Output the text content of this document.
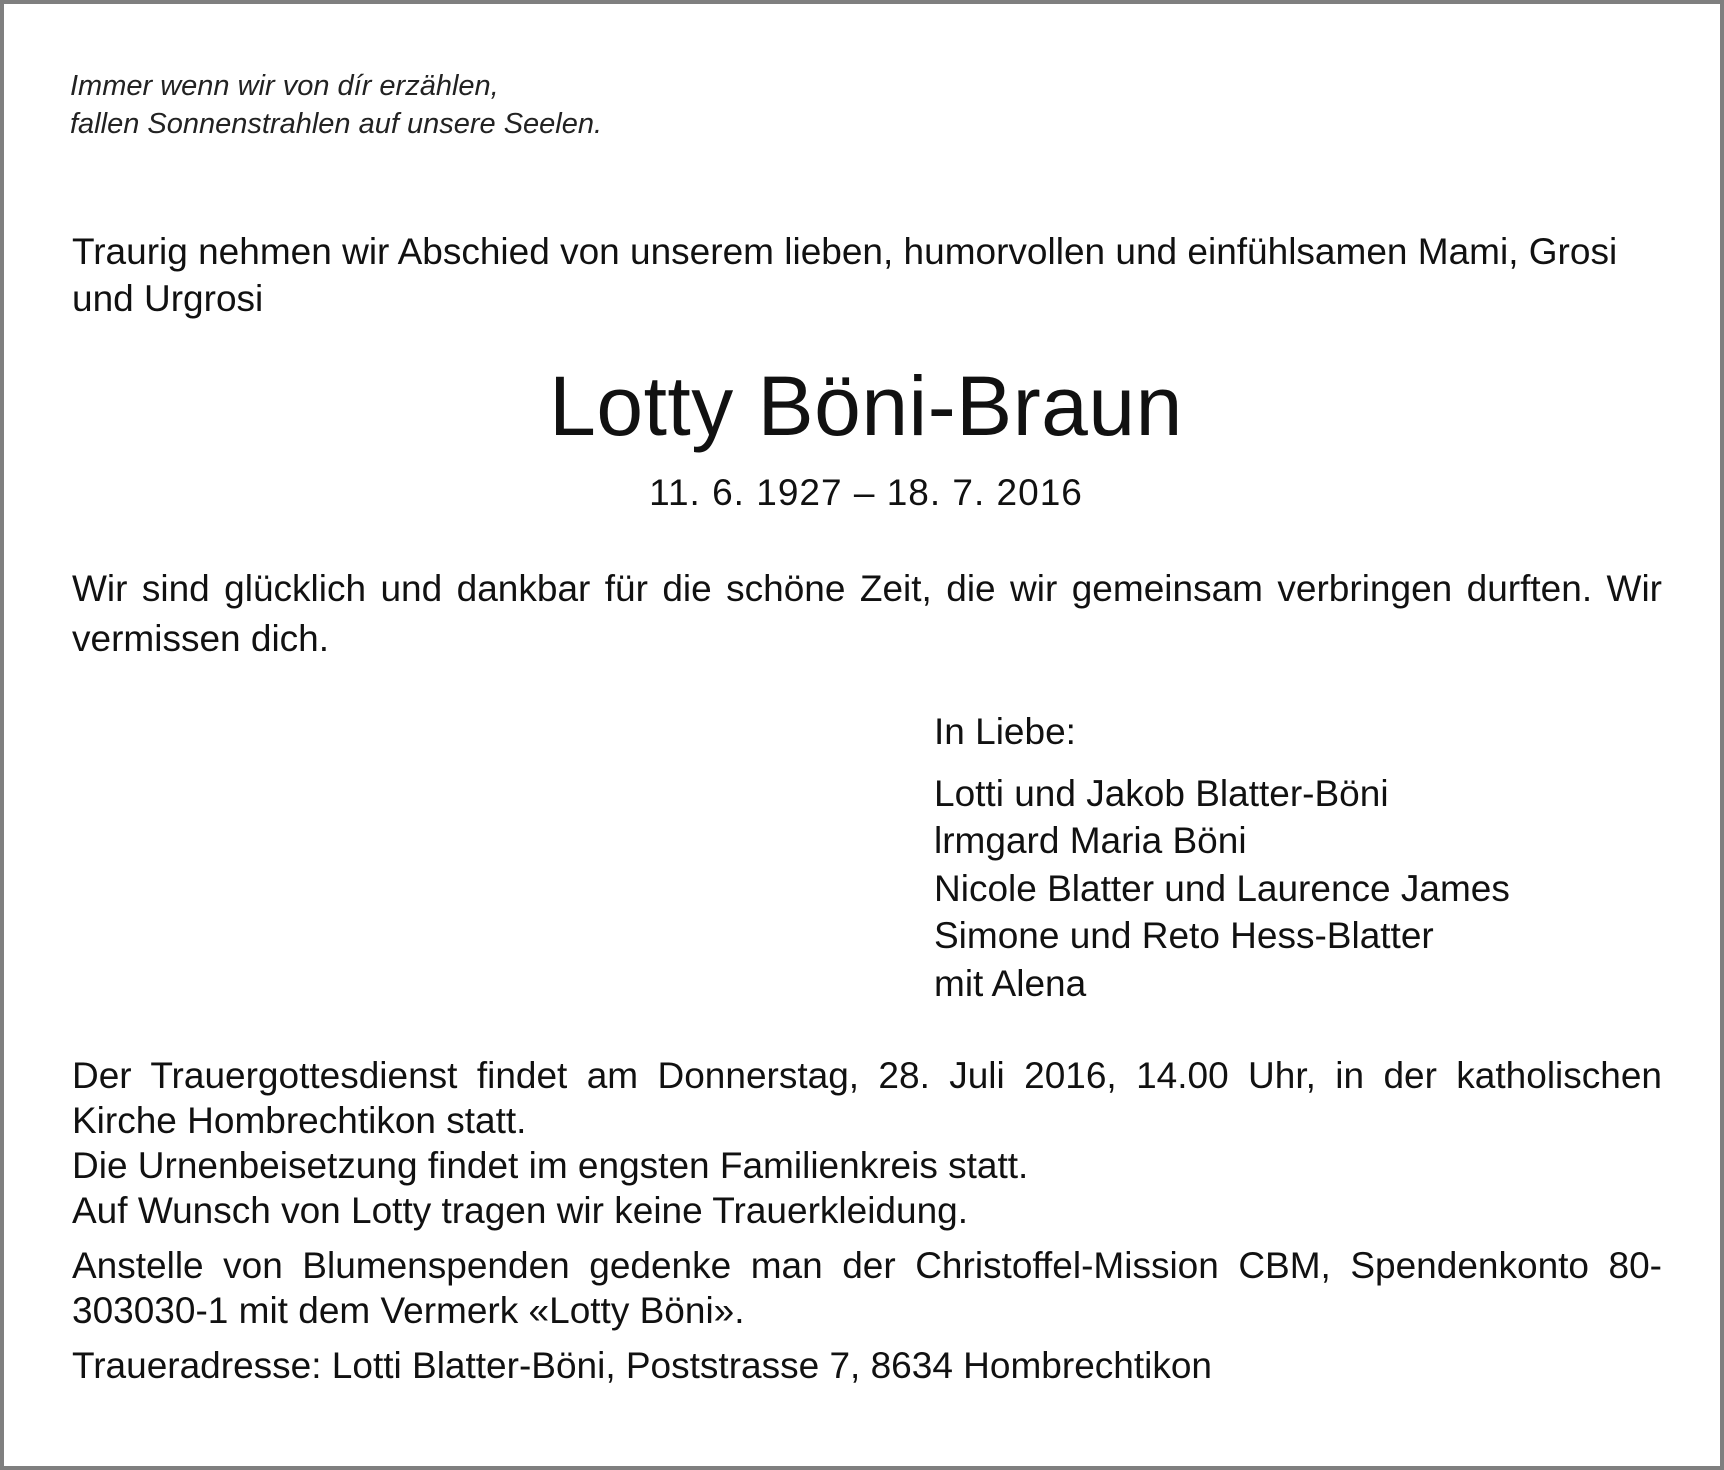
Immer wenn wir von dír erzählen,
fallen Sonnenstrahlen auf unsere Seelen.
Traurig nehmen wir Abschied von unserem lieben, humorvollen und einfühlsamen Mami, Grosi und Urgrosi
Lotty Böni-Braun
11. 6. 1927 – 18. 7. 2016
Wir sind glücklich und dankbar für die schöne Zeit, die wir gemeinsam verbringen durften. Wir vermissen dich.
In Liebe:
Lotti und Jakob Blatter-Böni
lrmgard Maria Böni
Nicole Blatter und Laurence James
Simone und Reto Hess-Blatter
mit Alena

Der Trauergottesdienst findet am Donnerstag, 28. Juli 2016, 14.00 Uhr, in der katholischen Kirche Hombrechtikon statt.

Die Urnenbeisetzung findet im engsten Familienkreis statt.

Auf Wunsch von Lotty tragen wir keine Trauerkleidung.

Anstelle von Blumenspenden gedenke man der Christoffel-Mission CBM, Spendenkonto 80-303030-1 mit dem Vermerk «Lotty Böni».

Traueradresse: Lotti Blatter-Böni, Poststrasse 7, 8634 Hombrechtikon
